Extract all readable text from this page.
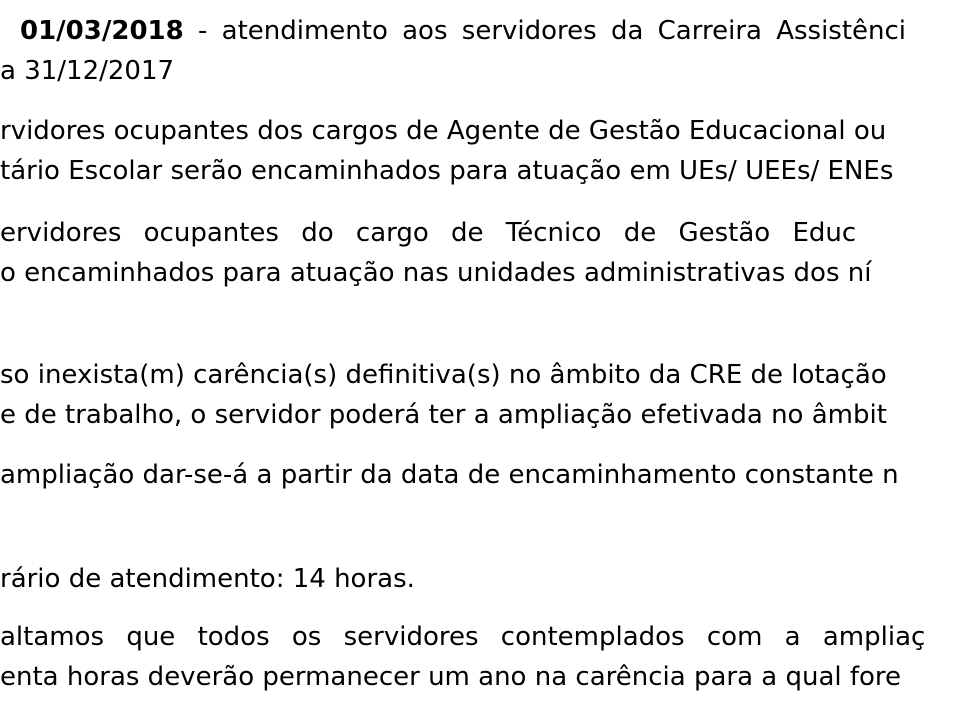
01/03/2018 - atendimento aos servidores da Carreira Assistênci
a 31/12/2017
rvidores ocupantes dos cargos de Agente de Gestão Educacional ou
tário Escolar serão encaminhados para atuação em UEs/ UEEs/ ENEs
ervidores ocupantes do cargo de Técnico de Gestão Educ
o encaminhados para atuação nas unidades administrativas dos ní
so inexista(m) carência(s) definitiva(s) no âmbito da CRE de lotação
e de trabalho, o servidor poderá ter a ampliação efetivada no âmbit
ampliação dar-se-á a partir da data de encaminhamento constante n
rário de atendimento: 14 horas.
altamos que todos os servidores contemplados com a ampliaç
enta horas deverão permanecer um ano na carência para a qual fore
